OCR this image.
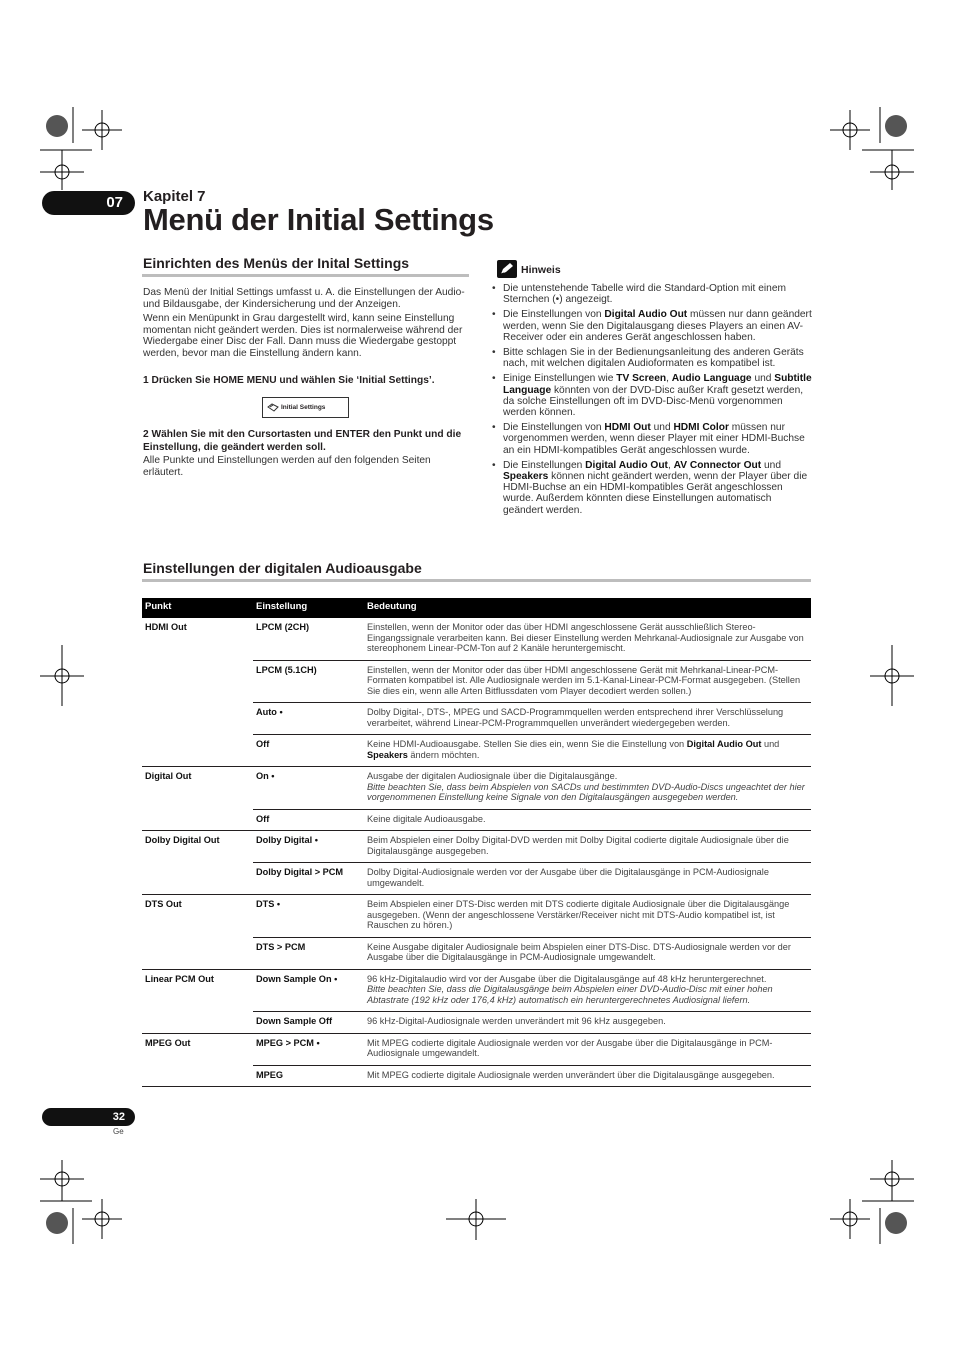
07	Kapitel 7
Menü der Initial Settings
Einrichten des Menüs der Inital Settings

Das Menü der Initial Settings umfasst u. A. die Einstellungen der Audio- und Bildausgabe, der Kindersicherung und der Anzeigen.

Wenn ein Menüpunkt in Grau dargestellt wird, kann seine Einstellung momentan nicht geändert werden. Dies ist normalerweise während der Wiedergabe einer Disc der Fall. Dann muss die Wiedergabe gestoppt werden, bevor man die Einstellung ändern kann.

1 Drücken Sie HOME MENU und wählen Sie ‘Initial Settings’.

Initial Settings

2 Wählen Sie mit den Cursortasten und ENTER den Punkt und die Einstellung, die geändert werden soll.

Alle Punkte und Einstellungen werden auf den folgenden Seiten erläutert.

Hinweis
• Die untenstehende Tabelle wird die Standard-Option mit einem Sternchen (•) angezeigt.
• Die Einstellungen von Digital Audio Out müssen nur dann geändert werden, wenn Sie den Digitalausgang dieses Players an einen AV-Receiver oder ein anderes Gerät angeschlossen haben.
• Bitte schlagen Sie in der Bedienungsanleitung des anderen Geräts nach, mit welchen digitalen Audioformaten es kompatibel ist.
• Einige Einstellungen wie TV Screen, Audio Language und Subtitle Language könnten von der DVD-Disc außer Kraft gesetzt werden, da solche Einstellungen oft im DVD-Disc-Menü vorgenommen werden können.
• Die Einstellungen von HDMI Out und HDMI Color müssen nur vorgenommen werden, wenn dieser Player mit einer HDMI-Buchse an ein HDMI-kompatibles Gerät angeschlossen wurde.
• Die Einstellungen Digital Audio Out, AV Connector Out und Speakers können nicht geändert werden, wenn der Player über die HDMI-Buchse an ein HDMI-kompatibles Gerät angeschlossen wurde. Außerdem könnten diese Einstellungen automatisch geändert werden.
Einstellungen der digitalen Audioausgabe
Punkt	Einstellung	Bedeutung
HDMI Out	LPCM (2CH)	Einstellen, wenn der Monitor oder das über HDMI angeschlossene Gerät ausschließlich Stereo-Eingangssignale verarbeiten kann. Bei dieser Einstellung werden Mehrkanal-Audiosignale zur Ausgabe von stereophonem Linear-PCM-Ton auf 2 Kanäle heruntergemischt.
	LPCM (5.1CH)	Einstellen, wenn der Monitor oder das über HDMI angeschlossene Gerät mit Mehrkanal-Linear-PCM-Formaten kompatibel ist. Alle Audiosignale werden im 5.1-Kanal-Linear-PCM-Format ausgegeben. (Stellen Sie dies ein, wenn alle Arten Bitflussdaten vom Player decodiert werden sollen.)
	Auto •	Dolby Digital-, DTS-, MPEG und SACD-Programmquellen werden entsprechend ihrer Verschlüsselung verarbeitet, während Linear-PCM-Programmquellen unverändert wiedergegeben werden.
	Off	Keine HDMI-Audioausgabe. Stellen Sie dies ein, wenn Sie die Einstellung von Digital Audio Out und Speakers ändern möchten.
Digital Out	On •	Ausgabe der digitalen Audiosignale über die Digitalausgänge.
Bitte beachten Sie, dass beim Abspielen von SACDs und bestimmten DVD-Audio-Discs ungeachtet der hier vorgenommenen Einstellung keine Signale von den Digitalausgängen ausgegeben werden.

	Off	Keine digitale Audioausgabe.
Dolby Digital Out	Dolby Digital •	Beim Abspielen einer Dolby Digital-DVD werden mit Dolby Digital codierte digitale Audiosignale über die Digitalausgänge ausgegeben.
	Dolby Digital > PCM	Dolby Digital-Audiosignale werden vor der Ausgabe über die Digitalausgänge in PCM-Audiosignale umgewandelt.
DTS Out	DTS •	Beim Abspielen einer DTS-Disc werden mit DTS codierte digitale Audiosignale über die Digitalausgänge ausgegeben. (Wenn der angeschlossene Verstärker/Receiver nicht mit DTS-Audio kompatibel ist, ist Rauschen zu hören.)
	DTS > PCM	Keine Ausgabe digitaler Audiosignale beim Abspielen einer DTS-Disc. DTS-Audiosignale werden vor der Ausgabe über die Digitalausgänge in PCM-Audiosignale umgewandelt.
Linear PCM Out	Down Sample On •	96 kHz-Digitalaudio wird vor der Ausgabe über die Digitalausgänge auf 48 kHz heruntergerechnet.
Bitte beachten Sie, dass die Digitalausgänge beim Abspielen einer DVD-Audio-Disc mit einer hohen Abtastrate (192 kHz oder 176,4 kHz) automatisch ein heruntergerechnetes Audiosignal liefern.

	Down Sample Off	96 kHz-Digital-Audiosignale werden unverändert mit 96 kHz ausgegeben.
MPEG Out	MPEG > PCM •	Mit MPEG codierte digitale Audiosignale werden vor der Ausgabe über die Digitalausgänge in PCM-Audiosignale umgewandelt.
	MPEG	Mit MPEG codierte digitale Audiosignale werden unverändert über die Digitalausgänge ausgegeben.
32
Ge
